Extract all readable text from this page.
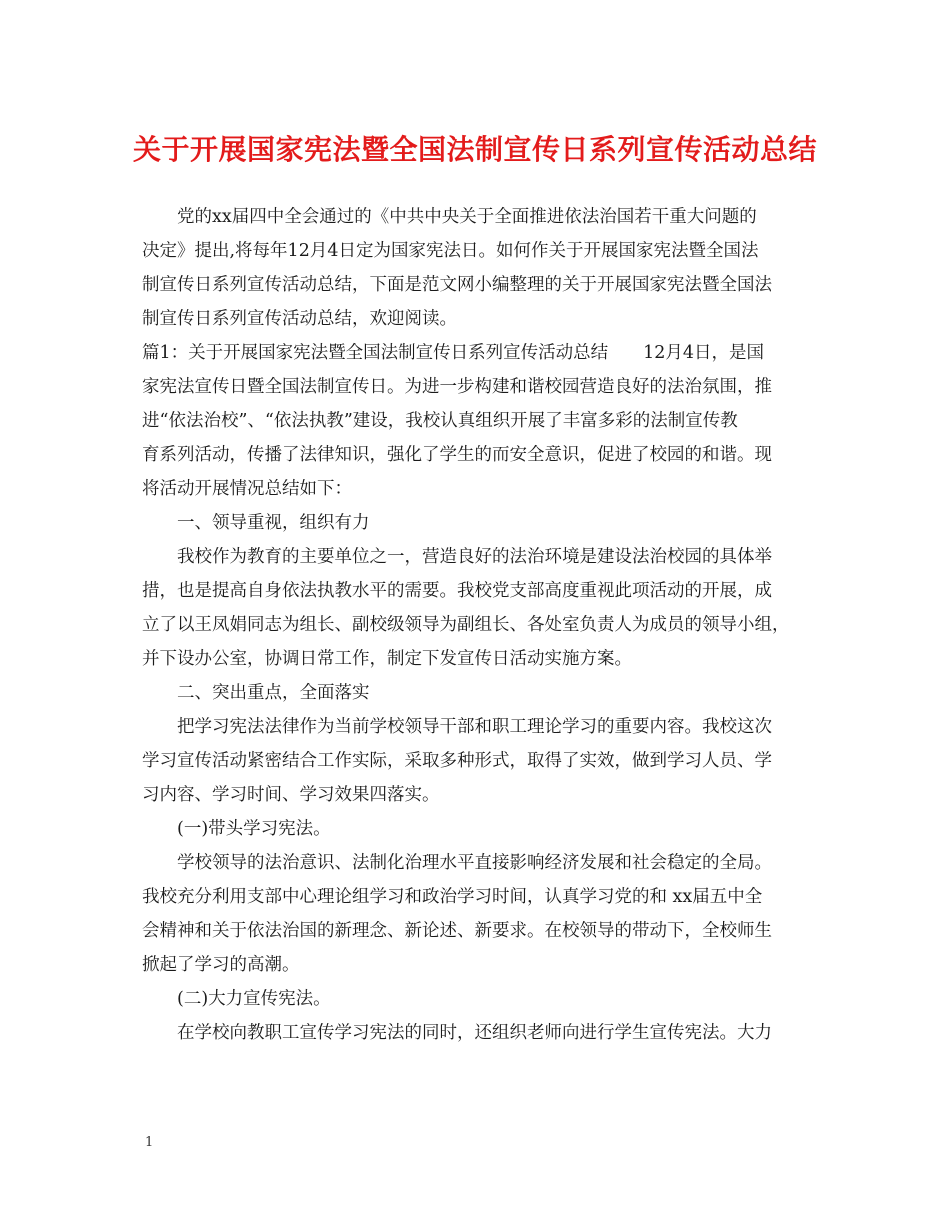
关于开展国家宪法暨全国法制宣传日系列宣传活动总结
党的xx届四中全会通过的《中共中央关于全面推进依法治国若干重大问题的
决定》提出,将每年12月4日定为国家宪法日。如何作关于开展国家宪法暨全国法
制宣传日系列宣传活动总结，下面是范文网小编整理的关于开展国家宪法暨全国法
制宣传日系列宣传活动总结，欢迎阅读。
篇1：关于开展国家宪法暨全国法制宣传日系列宣传活动总结　　12月4日，是国
家宪法宣传日暨全国法制宣传日。为进一步构建和谐校园营造良好的法治氛围，推
进“依法治校”、“依法执教”建设，我校认真组织开展了丰富多彩的法制宣传教
育系列活动，传播了法律知识，强化了学生的而安全意识，促进了校园的和谐。现
将活动开展情况总结如下：
一、领导重视，组织有力
我校作为教育的主要单位之一，营造良好的法治环境是建设法治校园的具体举
措，也是提高自身依法执教水平的需要。我校党支部高度重视此项活动的开展，成
立了以王凤娟同志为组长、副校级领导为副组长、各处室负责人为成员的领导小组，
并下设办公室，协调日常工作，制定下发宣传日活动实施方案。
二、突出重点，全面落实
把学习宪法法律作为当前学校领导干部和职工理论学习的重要内容。我校这次
学习宣传活动紧密结合工作实际，采取多种形式，取得了实效，做到学习人员、学
习内容、学习时间、学习效果四落实。
(一)带头学习宪法。
学校领导的法治意识、法制化治理水平直接影响经济发展和社会稳定的全局。
我校充分利用支部中心理论组学习和政治学习时间，认真学习党的和 xx届五中全
会精神和关于依法治国的新理念、新论述、新要求。在校领导的带动下，全校师生
掀起了学习的高潮。
(二)大力宣传宪法。
在学校向教职工宣传学习宪法的同时，还组织老师向进行学生宣传宪法。大力
1
